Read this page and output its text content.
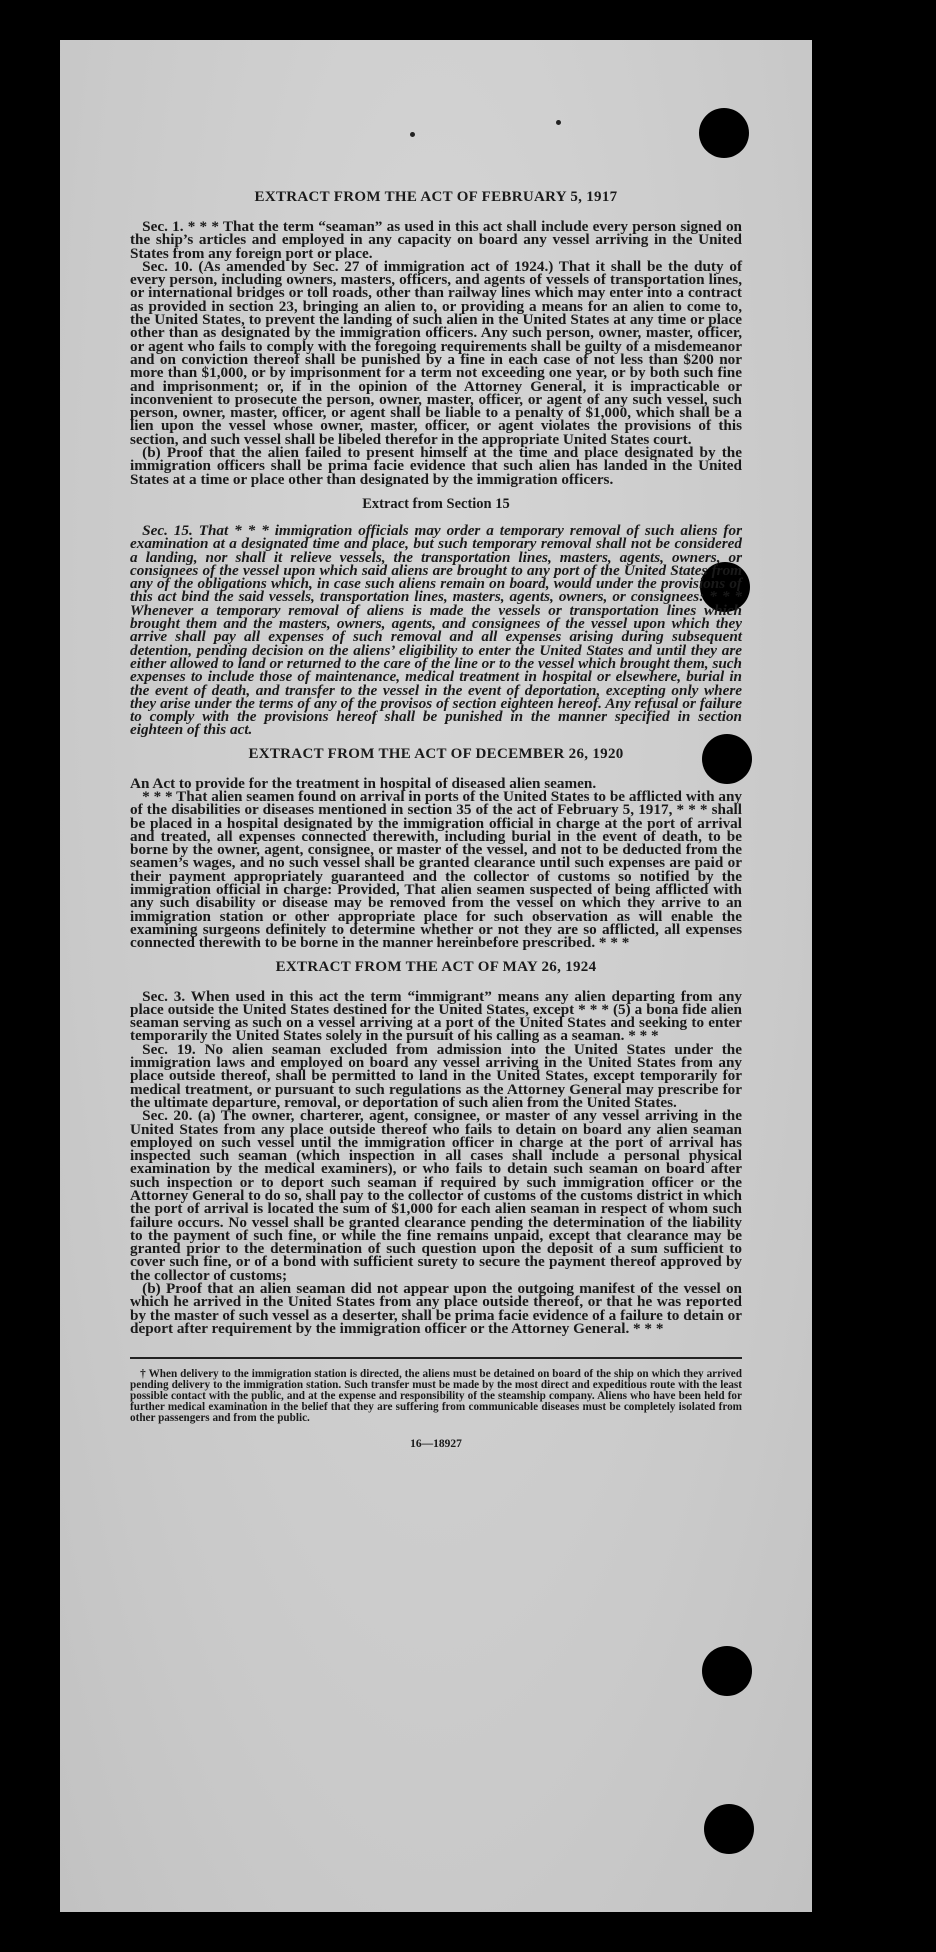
EXTRACT FROM THE ACT OF FEBRUARY 5, 1917

Sec. 1. * * * That the term “seaman” as used in this act shall include every person signed on the ship’s articles and employed in any capacity on board any vessel arriving in the United States from any foreign port or place.

Sec. 10. (As amended by Sec. 27 of immigration act of 1924.) That it shall be the duty of every person, including owners, masters, officers, and agents of vessels of transportation lines, or international bridges or toll roads, other than railway lines which may enter into a contract as provided in section 23, bringing an alien to, or providing a means for an alien to come to, the United States, to prevent the landing of such alien in the United States at any time or place other than as designated by the immigration officers. Any such person, owner, master, officer, or agent who fails to comply with the foregoing requirements shall be guilty of a misdemeanor and on conviction thereof shall be punished by a fine in each case of not less than $200 nor more than $1,000, or by imprisonment for a term not exceeding one year, or by both such fine and imprisonment; or, if in the opinion of the Attorney General, it is impracticable or inconvenient to prosecute the person, owner, master, officer, or agent of any such vessel, such person, owner, master, officer, or agent shall be liable to a penalty of $1,000, which shall be a lien upon the vessel whose owner, master, officer, or agent violates the provisions of this section, and such vessel shall be libeled therefor in the appropriate United States court.

(b) Proof that the alien failed to present himself at the time and place designated by the immigration officers shall be prima facie evidence that such alien has landed in the United States at a time or place other than designated by the immigration officers.

Extract from Section 15

Sec. 15. That * * * immigration officials may order a temporary removal of such aliens for examination at a designated time and place, but such temporary removal shall not be considered a landing, nor shall it relieve vessels, the transportation lines, masters, agents, owners, or consignees of the vessel upon which said aliens are brought to any port of the United States from any of the obligations which, in case such aliens remain on board, would under the provisions of this act bind the said vessels, transportation lines, masters, agents, owners, or consignees: * * * Whenever a temporary removal of aliens is made the vessels or transportation lines which brought them and the masters, owners, agents, and consignees of the vessel upon which they arrive shall pay all expenses of such removal and all expenses arising during subsequent detention, pending decision on the aliens’ eligibility to enter the United States and until they are either allowed to land or returned to the care of the line or to the vessel which brought them, such expenses to include those of maintenance, medical treatment in hospital or elsewhere, burial in the event of death, and transfer to the vessel in the event of deportation, excepting only where they arise under the terms of any of the provisos of section eighteen hereof. Any refusal or failure to comply with the provisions hereof shall be punished in the manner specified in section eighteen of this act.

EXTRACT FROM THE ACT OF DECEMBER 26, 1920

An Act to provide for the treatment in hospital of diseased alien seamen.

* * * That alien seamen found on arrival in ports of the United States to be afflicted with any of the disabilities or diseases mentioned in section 35 of the act of February 5, 1917, * * * shall be placed in a hospital designated by the immigration official in charge at the port of arrival and treated, all expenses connected therewith, including burial in the event of death, to be borne by the owner, agent, consignee, or master of the vessel, and not to be deducted from the seamen’s wages, and no such vessel shall be granted clearance until such expenses are paid or their payment appropriately guaranteed and the collector of customs so notified by the immigration official in charge: Provided, That alien seamen suspected of being afflicted with any such disability or disease may be removed from the vessel on which they arrive to an immigration station or other appropriate place for such observation as will enable the examining surgeons definitely to determine whether or not they are so afflicted, all expenses connected therewith to be borne in the manner hereinbefore prescribed. * * *

EXTRACT FROM THE ACT OF MAY 26, 1924

Sec. 3. When used in this act the term “immigrant” means any alien departing from any place outside the United States destined for the United States, except * * * (5) a bona fide alien seaman serving as such on a vessel arriving at a port of the United States and seeking to enter temporarily the United States solely in the pursuit of his calling as a seaman. * * *

Sec. 19. No alien seaman excluded from admission into the United States under the immigration laws and employed on board any vessel arriving in the United States from any place outside thereof, shall be permitted to land in the United States, except temporarily for medical treatment, or pursuant to such regulations as the Attorney General may prescribe for the ultimate departure, removal, or deportation of such alien from the United States.

Sec. 20. (a) The owner, charterer, agent, consignee, or master of any vessel arriving in the United States from any place outside thereof who fails to detain on board any alien seaman employed on such vessel until the immigration officer in charge at the port of arrival has inspected such seaman (which inspection in all cases shall include a personal physical examination by the medical examiners), or who fails to detain such seaman on board after such inspection or to deport such seaman if required by such immigration officer or the Attorney General to do so, shall pay to the collector of customs of the customs district in which the port of arrival is located the sum of $1,000 for each alien seaman in respect of whom such failure occurs. No vessel shall be granted clearance pending the determination of the liability to the payment of such fine, or while the fine remains unpaid, except that clearance may be granted prior to the determination of such question upon the deposit of a sum sufficient to cover such fine, or of a bond with sufficient surety to secure the payment thereof approved by the collector of customs;

(b) Proof that an alien seaman did not appear upon the outgoing manifest of the vessel on which he arrived in the United States from any place outside thereof, or that he was reported by the master of such vessel as a deserter, shall be prima facie evidence of a failure to detain or deport after requirement by the immigration officer or the Attorney General. * * *

† When delivery to the immigration station is directed, the aliens must be detained on board of the ship on which they arrived pending delivery to the immigration station. Such transfer must be made by the most direct and expeditious route with the least possible contact with the public, and at the expense and responsibility of the steamship company. Aliens who have been held for further medical examination in the belief that they are suffering from communicable diseases must be completely isolated from other passengers and from the public.

16—18927
